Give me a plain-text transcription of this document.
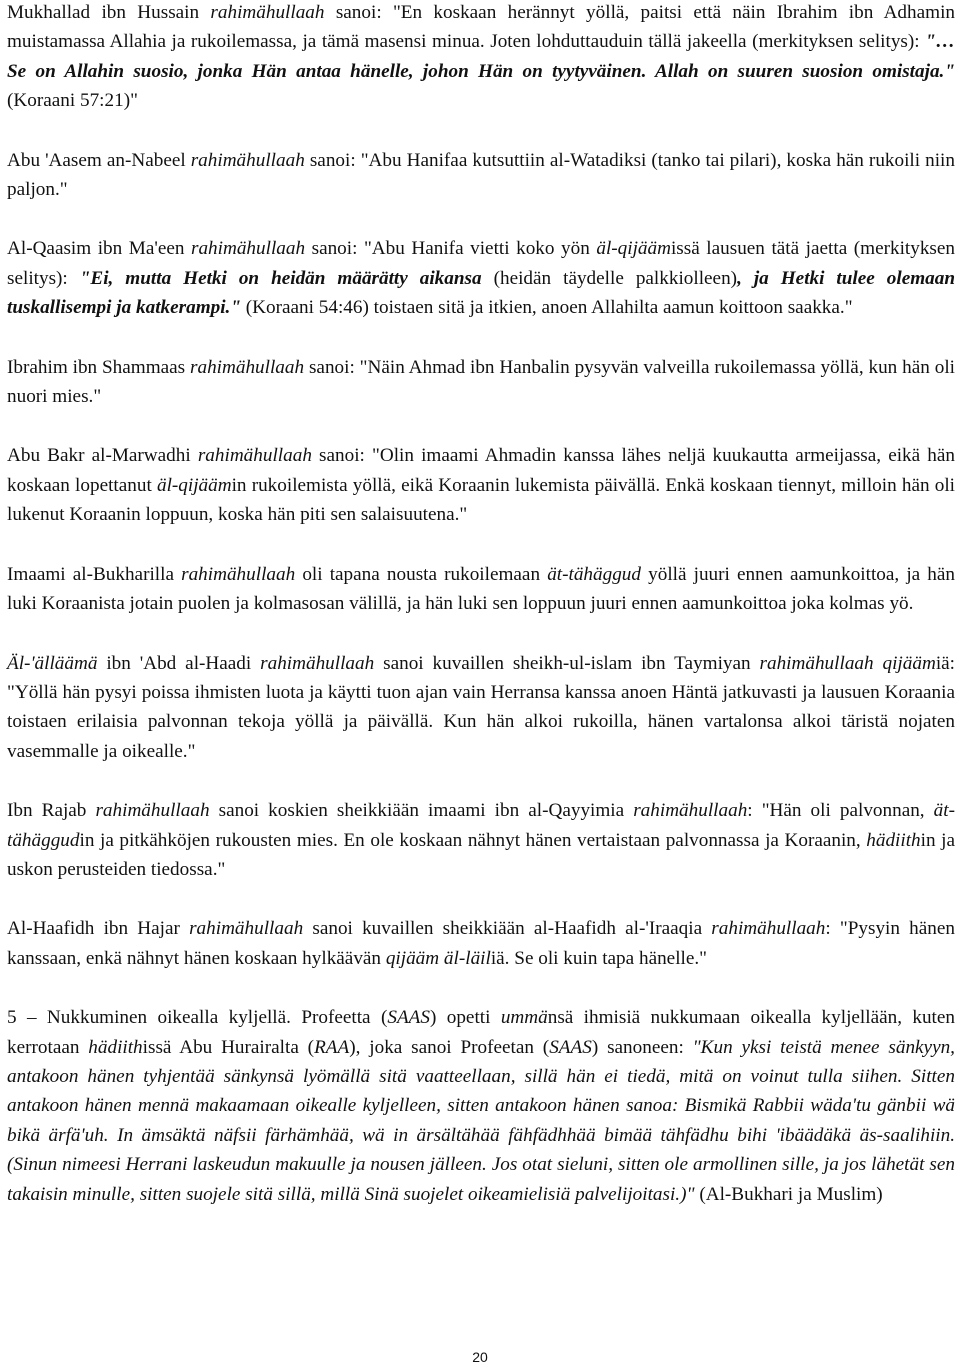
Mukhallad ibn Hussain rahimähullaah sanoi: "En koskaan herännyt yöllä, paitsi että näin Ibrahim ibn Adhamin muistamassa Allahia ja rukoilemassa, ja tämä masensi minua. Joten lohduttauduin tällä jakeella (merkityksen selitys): "…Se on Allahin suosio, jonka Hän antaa hänelle, johon Hän on tyytyväinen. Allah on suuren suosion omistaja." (Koraani 57:21)"

Abu 'Aasem an-Nabeel rahimähullaah sanoi: "Abu Hanifaa kutsuttiin al-Watadiksi (tanko tai pilari), koska hän rukoili niin paljon."

Al-Qaasim ibn Ma'een rahimähullaah sanoi: "Abu Hanifa vietti koko yön äl-qijäämissä lausuen tätä jaetta (merkityksen selitys): "Ei, mutta Hetki on heidän määrätty aikansa (heidän täydelle palkkiolleen), ja Hetki tulee olemaan tuskallisempi ja katkerampi." (Koraani 54:46) toistaen sitä ja itkien, anoen Allahilta aamun koittoon saakka."

Ibrahim ibn Shammaas rahimähullaah sanoi: "Näin Ahmad ibn Hanbalin pysyvän valveilla rukoilemassa yöllä, kun hän oli nuori mies."

Abu Bakr al-Marwadhi rahimähullaah sanoi: "Olin imaami Ahmadin kanssa lähes neljä kuukautta armeijassa, eikä hän koskaan lopettanut äl-qijäämin rukoilemista yöllä, eikä Koraanin lukemista päivällä. Enkä koskaan tiennyt, milloin hän oli lukenut Koraanin loppuun, koska hän piti sen salaisuutena."

Imaami al-Bukharilla rahimähullaah oli tapana nousta rukoilemaan ät-tähäggud yöllä juuri ennen aamunkoittoa, ja hän luki Koraanista jotain puolen ja kolmasosan välillä, ja hän luki sen loppuun juuri ennen aamunkoittoa joka kolmas yö.

Äl-'älläämä ibn 'Abd al-Haadi rahimähullaah sanoi kuvaillen sheikh-ul-islam ibn Taymiyan rahimähullaah qijäämiä: "Yöllä hän pysyi poissa ihmisten luota ja käytti tuon ajan vain Herransa kanssa anoen Häntä jatkuvasti ja lausuen Koraania toistaen erilaisia palvonnan tekoja yöllä ja päivällä. Kun hän alkoi rukoilla, hänen vartalonsa alkoi täristä nojaten vasemmalle ja oikealle."

Ibn Rajab rahimähullaah sanoi koskien sheikkiään imaami ibn al-Qayyimia rahimähullaah: "Hän oli palvonnan, ät-tähäggudin ja pitkähköjen rukousten mies. En ole koskaan nähnyt hänen vertaistaan palvonnassa ja Koraanin, hädiithin ja uskon perusteiden tiedossa."

Al-Haafidh ibn Hajar rahimähullaah sanoi kuvaillen sheikkiään al-Haafidh al-'Iraaqia rahimähullaah: "Pysyin hänen kanssaan, enkä nähnyt hänen koskaan hylkäävän qijääm äl-läiliä. Se oli kuin tapa hänelle."

5 – Nukkuminen oikealla kyljellä. Profeetta (SAAS) opetti ummänsä ihmisiä nukkumaan oikealla kyljellään, kuten kerrotaan hädiithissä Abu Hurairalta (RAA), joka sanoi Profeetan (SAAS) sanoneen: "Kun yksi teistä menee sänkyyn, antakoon hänen tyhjentää sänkynsä lyömällä sitä vaatteellaan, sillä hän ei tiedä, mitä on voinut tulla siihen. Sitten antakoon hänen mennä makaamaan oikealle kyljelleen, sitten antakoon hänen sanoa: Bismikä Rabbii wäda'tu gänbii wä bikä ärfä'uh. In ämsäktä näfsii färhämhää, wä in ärsältähää fähfädhhää bimää tähfädhu bihi 'ibäädäkä äs-saalihiin. (Sinun nimeesi Herrani laskeudun makuulle ja nousen jälleen. Jos otat sieluni, sitten ole armollinen sille, ja jos lähetät sen takaisin minulle, sitten suojele sitä sillä, millä Sinä suojelet oikeamielisiä palvelijoitasi.)" (Al-Bukhari ja Muslim)

20
